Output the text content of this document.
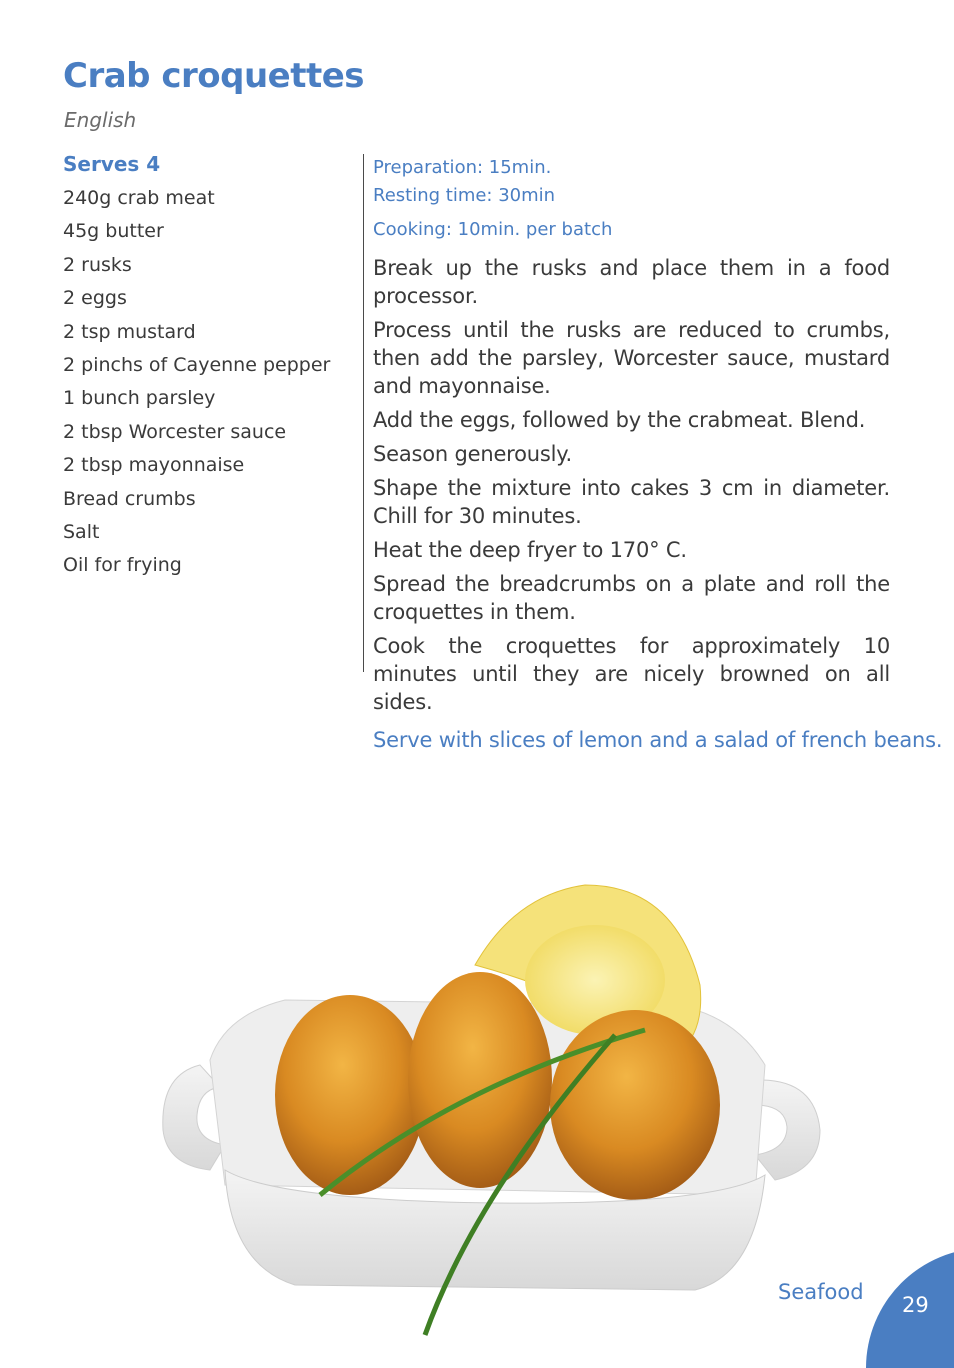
Crab croquettes
English
Serves 4
240g crab meat
45g butter
2 rusks
2 eggs
2 tsp mustard
2 pinchs of Cayenne pepper
1 bunch parsley
2 tbsp Worcester sauce
2 tbsp mayonnaise
Bread crumbs
Salt
Oil for frying
Preparation: 15min.
Resting time: 30min
Cooking: 10min. per batch

Break up the rusks and place them in a food processor.

Process until the rusks are reduced to crumbs, then add the parsley, Worcester sauce, mustard and mayonnaise.

Add the eggs, followed by the crabmeat. Blend.

Season generously.

Shape the mixture into cakes 3 cm in diameter. Chill for 30 minutes.

Heat the deep fryer to 170° C.

Spread the breadcrumbs on a plate and roll the croquettes in them.

Cook the croquettes for approximately 10 minutes until they are nicely browned on all sides.

Serve with slices of lemon and a salad of french beans.
Seafood
29
